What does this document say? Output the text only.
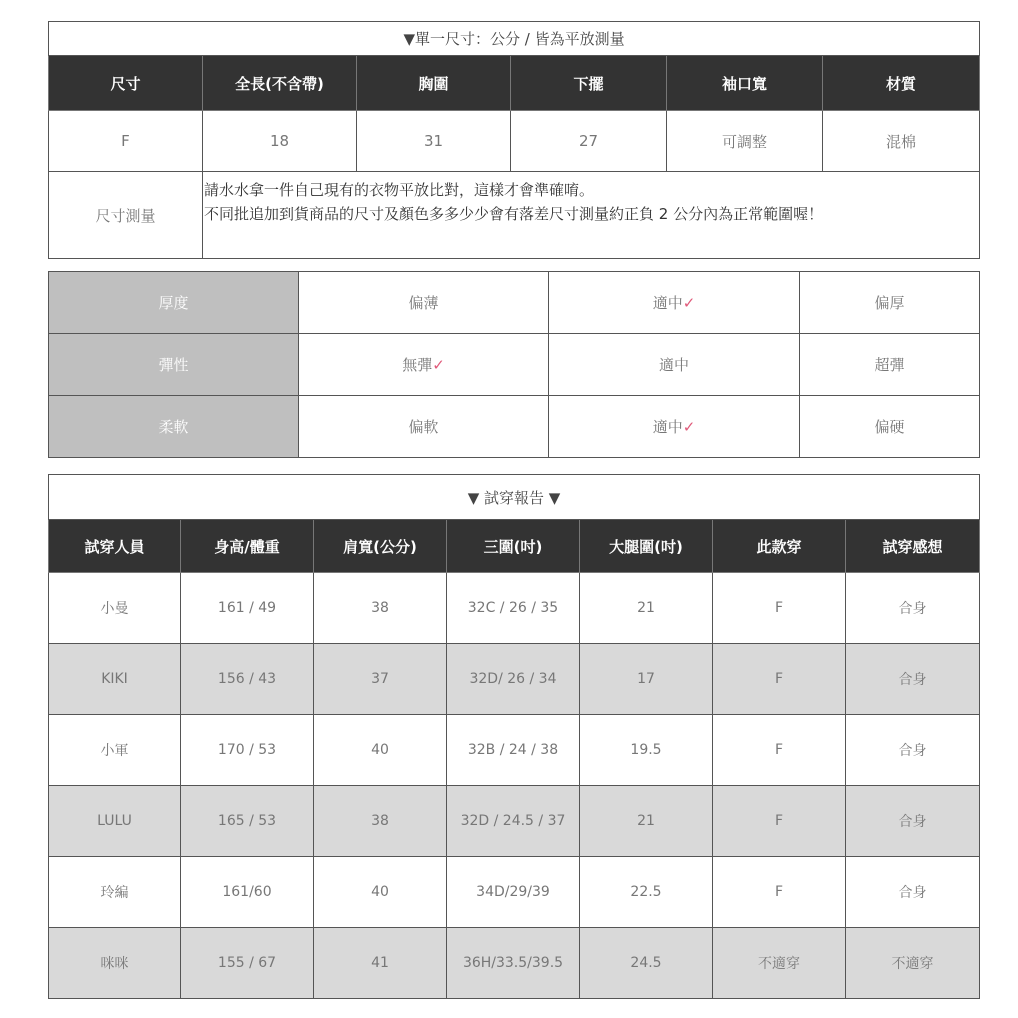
▼單一尺寸：公分 / 皆為平放測量					
尺寸	全長(不含帶)	胸圍	下擺	袖口寬	材質
F	18	31	27	可調整	混棉
尺寸測量	請水水拿一件自己現有的衣物平放比對，這樣才會準確唷。
不同批追加到貨商品的尺寸及顏色多多少少會有落差尺寸測量約正負 2 公分內為正常範圍喔！				
厚度	偏薄	適中✓	偏厚
彈性	無彈✓	適中	超彈
柔軟	偏軟	適中✓	偏硬
▼ 試穿報告 ▼						
試穿人員	身高/體重	肩寬(公分)	三圍(吋)	大腿圍(吋)	此款穿	試穿感想
小曼	161 / 49	38	32C / 26 / 35	21	F	合身
KIKI	156 / 43	37	32D/ 26 / 34	17	F	合身
小軍	170 / 53	40	32B / 24 / 38	19.5	F	合身
LULU	165 / 53	38	32D / 24.5 / 37	21	F	合身
玲編	161/60	40	34D/29/39	22.5	F	合身
咪咪	155 / 67	41	36H/33.5/39.5	24.5	不適穿	不適穿
